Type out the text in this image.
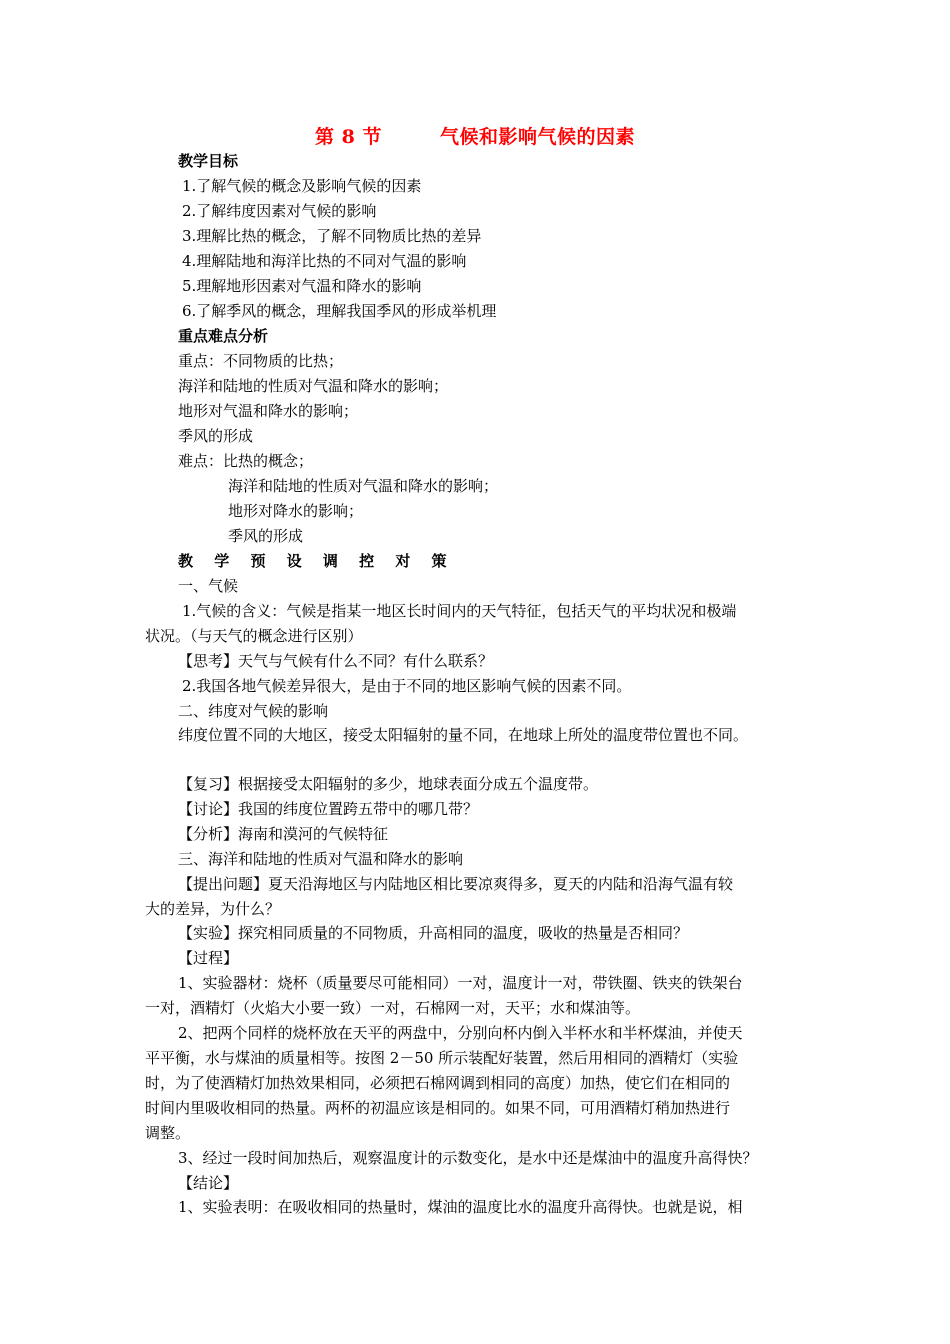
第 8 节	气候和影响气候的因素
教学目标
1.了解气候的概念及影响气候的因素
2.了解纬度因素对气候的影响
3.理解比热的概念，了解不同物质比热的差异
4.理解陆地和海洋比热的不同对气温的影响
5.理解地形因素对气温和降水的影响
6.了解季风的概念，理解我国季风的形成举机理
重点难点分析
重点：不同物质的比热；
海洋和陆地的性质对气温和降水的影响；
地形对气温和降水的影响；
季风的形成
难点：比热的概念；
海洋和陆地的性质对气温和降水的影响；
地形对降水的影响；
季风的形成
教 学 预 设 调 控 对 策
一、气候
1.气候的含义：气候是指某一地区长时间内的天气特征，包括天气的平均状况和极端
状况。（与天气的概念进行区别）
【思考】天气与气候有什么不同？有什么联系？
2.我国各地气候差异很大，是由于不同的地区影响气候的因素不同。
二、纬度对气候的影响
纬度位置不同的大地区，接受太阳辐射的量不同，在地球上所处的温度带位置也不同。
【复习】根据接受太阳辐射的多少，地球表面分成五个温度带。
【讨论】我国的纬度位置跨五带中的哪几带？
【分析】海南和漠河的气候特征
三、海洋和陆地的性质对气温和降水的影响
【提出问题】夏天沿海地区与内陆地区相比要凉爽得多，夏天的内陆和沿海气温有较
大的差异，为什么？
【实验】探究相同质量的不同物质，升高相同的温度，吸收的热量是否相同？
【过程】
1、实验器材：烧杯（质量要尽可能相同）一对，温度计一对，带铁圈、铁夹的铁架台
一对，酒精灯（火焰大小要一致）一对，石棉网一对，天平；水和煤油等。
2、把两个同样的烧杯放在天平的两盘中，分别向杯内倒入半杯水和半杯煤油，并使天
平平衡，水与煤油的质量相等。按图 2－50 所示装配好装置，然后用相同的酒精灯（实验
时，为了使酒精灯加热效果相同，必须把石棉网调到相同的高度）加热，使它们在相同的
时间内里吸收相同的热量。两杯的初温应该是相同的。如果不同，可用酒精灯稍加热进行
调整。
3、经过一段时间加热后，观察温度计的示数变化，是水中还是煤油中的温度升高得快？
【结论】
1、实验表明：在吸收相同的热量时，煤油的温度比水的温度升高得快。也就是说，相
